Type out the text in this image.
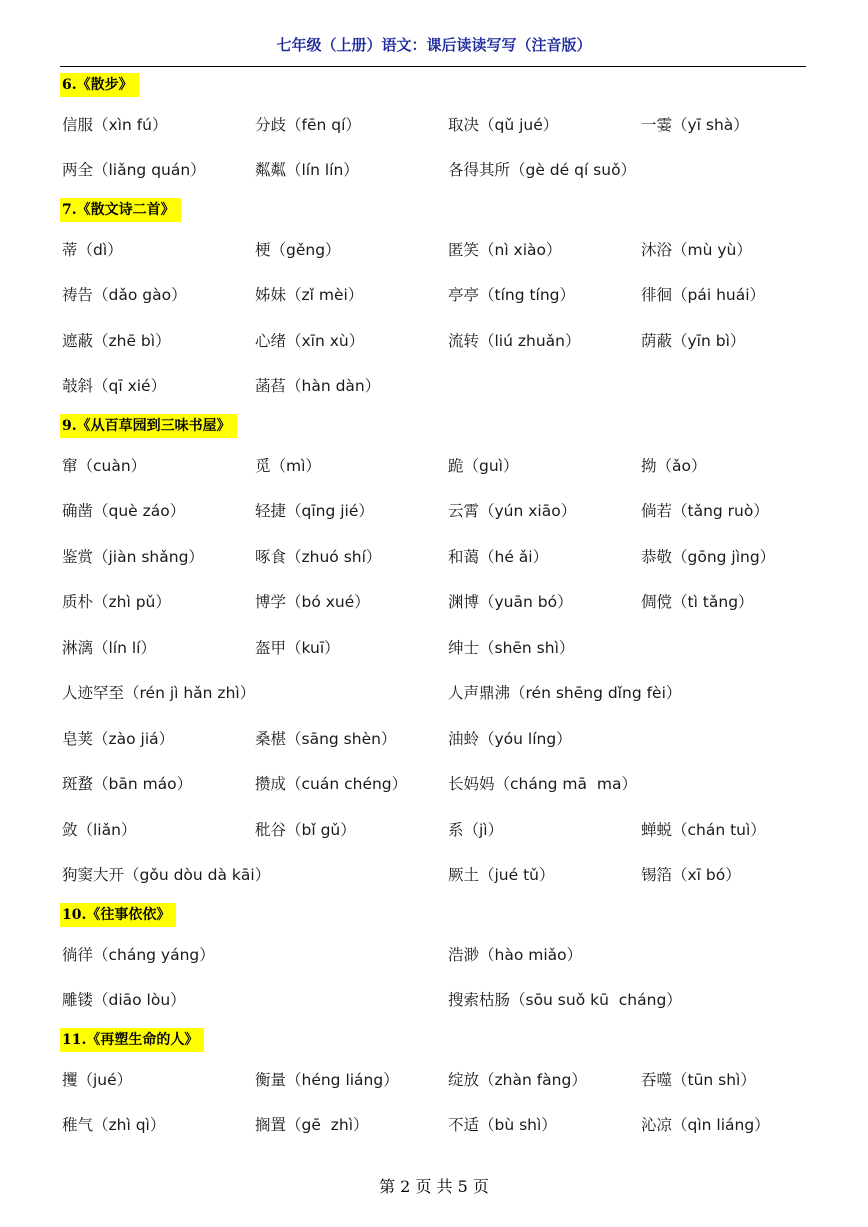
七年级（上册）语文：课后读读写写（注音版）
6.《散步》
信服（xìn fú）	分歧（fēn qí）	取决（qǔ jué）	一霎（yī shà）
两全（liǎng quán）	粼粼（lín lín）	各得其所（gè dé qí suǒ）
7.《散文诗二首》
蒂（dì）	梗（gěng）	匿笑（nì xiào）	沐浴（mù yù）
祷告（dǎo gào）	姊妹（zǐ mèi）	亭亭（tíng tíng）	徘徊（pái huái）
遮蔽（zhē bì）	心绪（xīn xù）	流转（liú zhuǎn）	荫蔽（yīn bì）
攲斜（qī xié）	菡萏（hàn dàn）
9.《从百草园到三味书屋》
窜（cuàn）	觅（mì）	跪（guì）	拗（ǎo）
确凿（què záo）	轻捷（qīng jié）	云霄（yún xiāo）	倘若（tǎng ruò）
鉴赏（jiàn shǎng）	啄食（zhuó shí）	和蔼（hé ǎi）	恭敬（gōng jìng）
质朴（zhì pǔ）	博学（bó xué）	渊博（yuān bó）	倜傥（tì tǎng）
淋漓（lín lí）	盔甲（kuī）	绅士（shēn shì）
人迹罕至（rén jì hǎn zhì）	人声鼎沸（rén shēng dǐng fèi）
皂荚（zào jiá）	桑椹（sāng shèn）	油蛉（yóu líng）
斑蝥（bān máo）	攒成（cuán chéng）	长妈妈（cháng mā  ma）
敛（liǎn）	秕谷（bǐ gǔ）	系（jì）	蝉蜕（chán tuì）
狗窦大开（gǒu dòu dà kāi）	厥土（jué tǔ）	锡箔（xī bó）
10.《往事依依》
徜徉（cháng yáng）	浩渺（hào miǎo）
雕镂（diāo lòu）	搜索枯肠（sōu suǒ kū  cháng）
11.《再塑生命的人》
攫（jué）	衡量（héng liáng）	绽放（zhàn fàng）	吞噬（tūn shì）
稚气（zhì qì）	搁置（gē  zhì）	不适（bù shì）	沁凉（qìn liáng）
第 2 页 共 5 页
